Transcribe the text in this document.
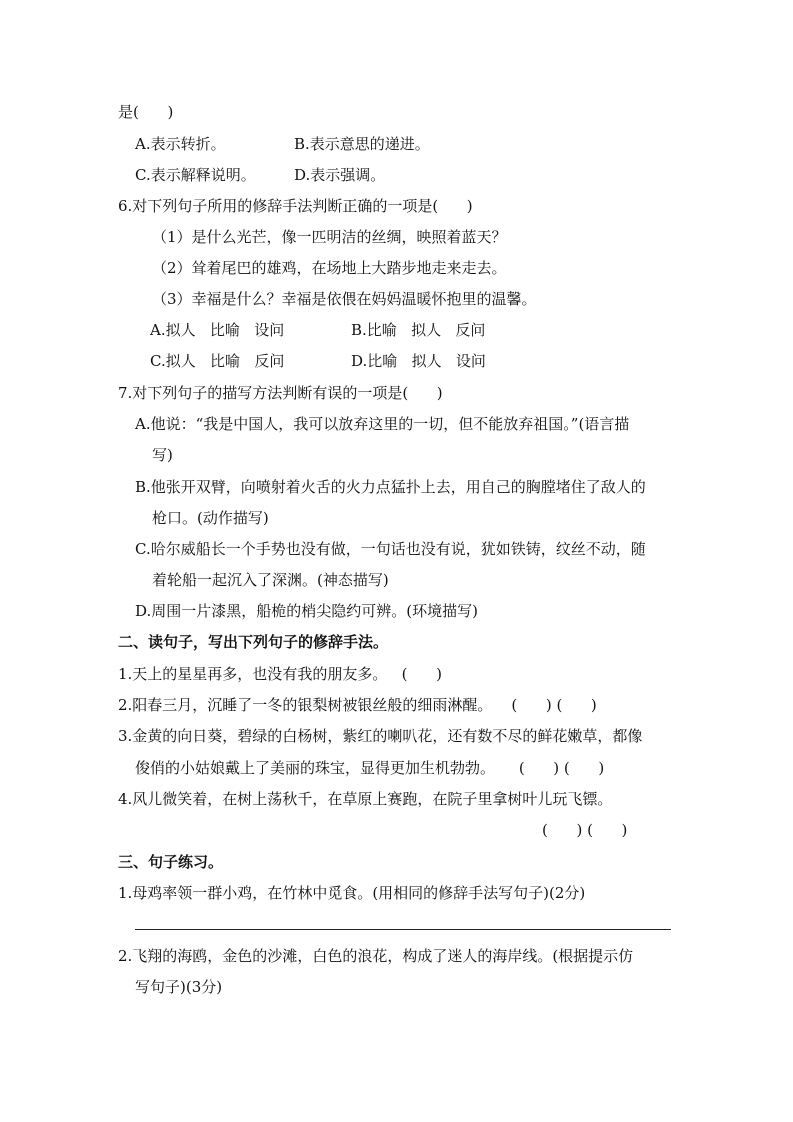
是(      )
A.表示转折。	B.表示意思的递进。
C.表示解释说明。	D.表示强调。
6.对下列句子所用的修辞手法判断正确的一项是(      )
（1）是什么光芒，像一匹明洁的丝绸，映照着蓝天？
（2）耸着尾巴的雄鸡，在场地上大踏步地走来走去。
（3）幸福是什么？幸福是依偎在妈妈温暖怀抱里的温馨。
A.拟人   比喻   设问	B.比喻   拟人   反问
C.拟人   比喻   反问	D.比喻   拟人   设问
7.对下列句子的描写方法判断有误的一项是(      )
A.他说：“我是中国人，我可以放弃这里的一切，但不能放弃祖国。”(语言描
写)
B.他张开双臂，向喷射着火舌的火力点猛扑上去，用自己的胸膛堵住了敌人的
枪口。(动作描写)
C.哈尔威船长一个手势也没有做，一句话也没有说，犹如铁铸，纹丝不动，随
着轮船一起沉入了深渊。(神态描写)
D.周围一片漆黑，船桅的梢尖隐约可辨。(环境描写)
二、读句子，写出下列句子的修辞手法。
1.天上的星星再多，也没有我的朋友多。   (      )
2.阳春三月，沉睡了一冬的银梨树被银丝般的细雨淋醒。    (      ) (      )
3.金黄的向日葵，碧绿的白杨树，紫红的喇叭花，还有数不尽的鲜花嫩草，都像
俊俏的小姑娘戴上了美丽的珠宝，显得更加生机勃勃。     (      ) (      )
4.风儿微笑着，在树上荡秋千，在草原上赛跑，在院子里拿树叶儿玩飞镖。
(      ) (      )
三、句子练习。
1.母鸡率领一群小鸡，在竹林中觅食。(用相同的修辞手法写句子)(2分)
2.飞翔的海鸥，金色的沙滩，白色的浪花，构成了迷人的海岸线。(根据提示仿
写句子)(3分)
